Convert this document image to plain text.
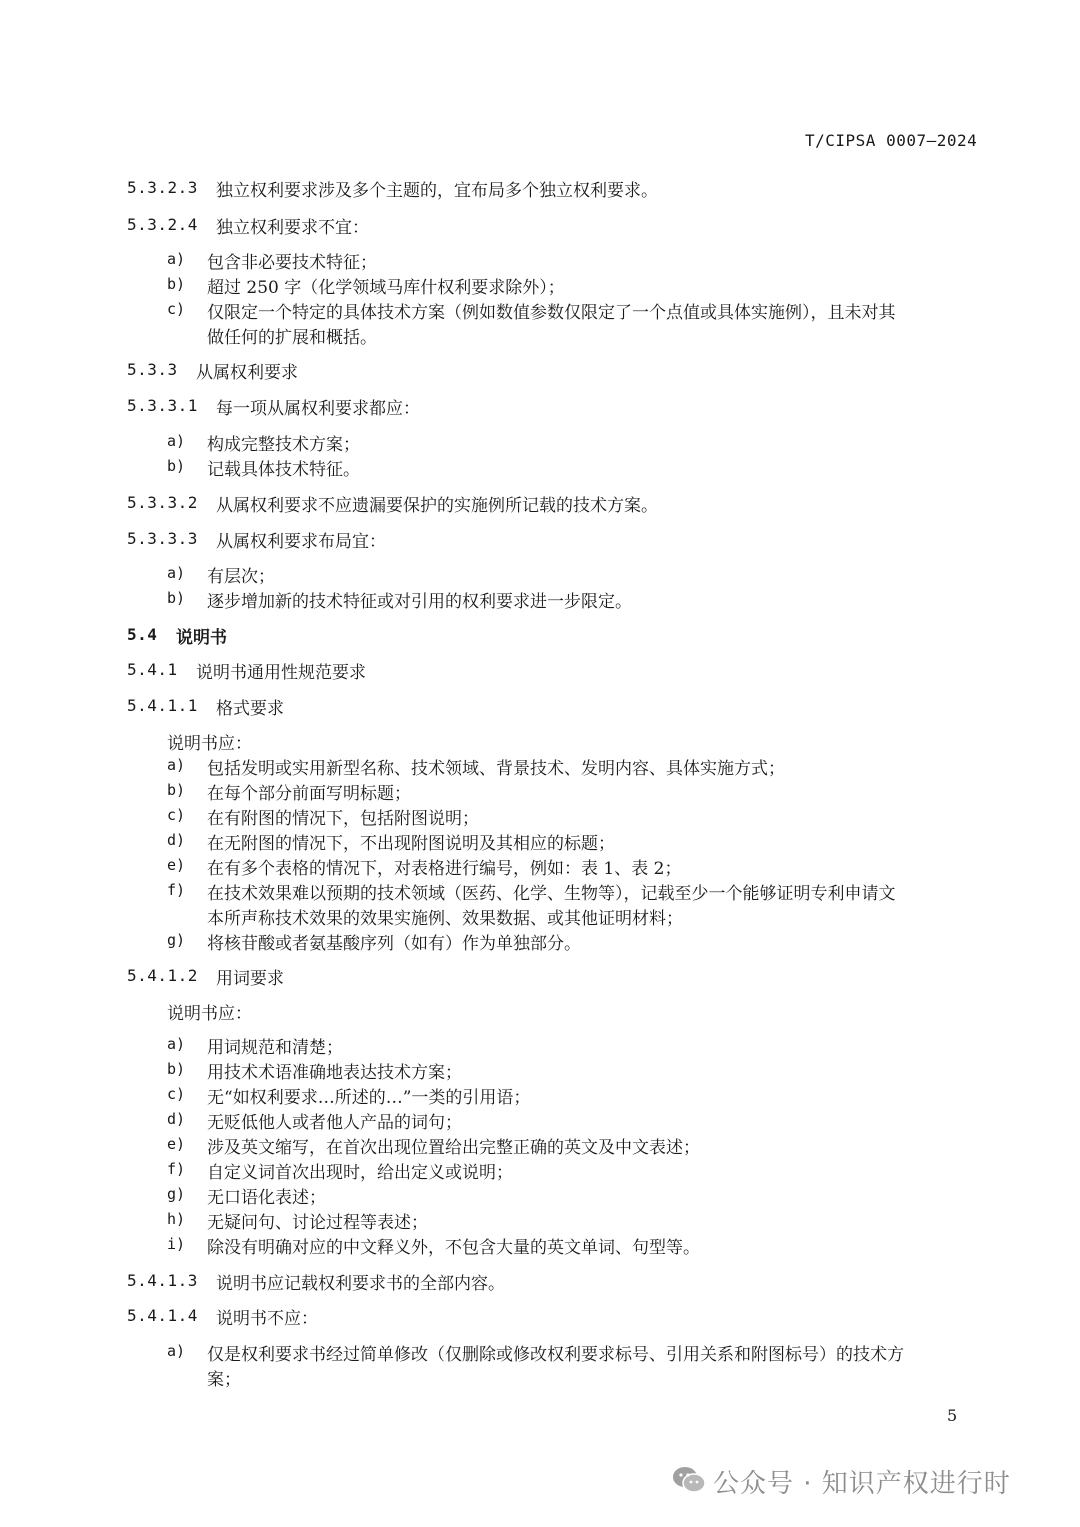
T/CIPSA 0007—2024
5.3.2.3 独立权利要求涉及多个主题的，宜布局多个独立权利要求。
5.3.2.4 独立权利要求不宜：
a) 包含非必要技术特征；
b) 超过 250 字（化学领域马库什权利要求除外）；
c) 仅限定一个特定的具体技术方案（例如数值参数仅限定了一个点值或具体实施例），且未对其
做任何的扩展和概括。
5.3.3 从属权利要求
5.3.3.1 每一项从属权利要求都应：
a) 构成完整技术方案；
b) 记载具体技术特征。
5.3.3.2 从属权利要求不应遗漏要保护的实施例所记载的技术方案。
5.3.3.3 从属权利要求布局宜：
a) 有层次；
b) 逐步增加新的技术特征或对引用的权利要求进一步限定。
5.4 说明书
5.4.1 说明书通用性规范要求
5.4.1.1 格式要求
说明书应：
a) 包括发明或实用新型名称、技术领域、背景技术、发明内容、具体实施方式；
b) 在每个部分前面写明标题；
c) 在有附图的情况下，包括附图说明；
d) 在无附图的情况下，不出现附图说明及其相应的标题；
e) 在有多个表格的情况下，对表格进行编号，例如：表 1、表 2；
f) 在技术效果难以预期的技术领域（医药、化学、生物等），记载至少一个能够证明专利申请文
本所声称技术效果的效果实施例、效果数据、或其他证明材料；
g) 将核苷酸或者氨基酸序列（如有）作为单独部分。
5.4.1.2 用词要求
说明书应：
a) 用词规范和清楚；
b) 用技术术语准确地表达技术方案；
c) 无“如权利要求…所述的…”一类的引用语；
d) 无贬低他人或者他人产品的词句；
e) 涉及英文缩写，在首次出现位置给出完整正确的英文及中文表述；
f) 自定义词首次出现时，给出定义或说明；
g) 无口语化表述；
h) 无疑问句、讨论过程等表述；
i) 除没有明确对应的中文释义外，不包含大量的英文单词、句型等。
5.4.1.3 说明书应记载权利要求书的全部内容。
5.4.1.4 说明书不应：
a) 仅是权利要求书经过简单修改（仅删除或修改权利要求标号、引用关系和附图标号）的技术方
案；
5
公众号 · 知识产权进行时
